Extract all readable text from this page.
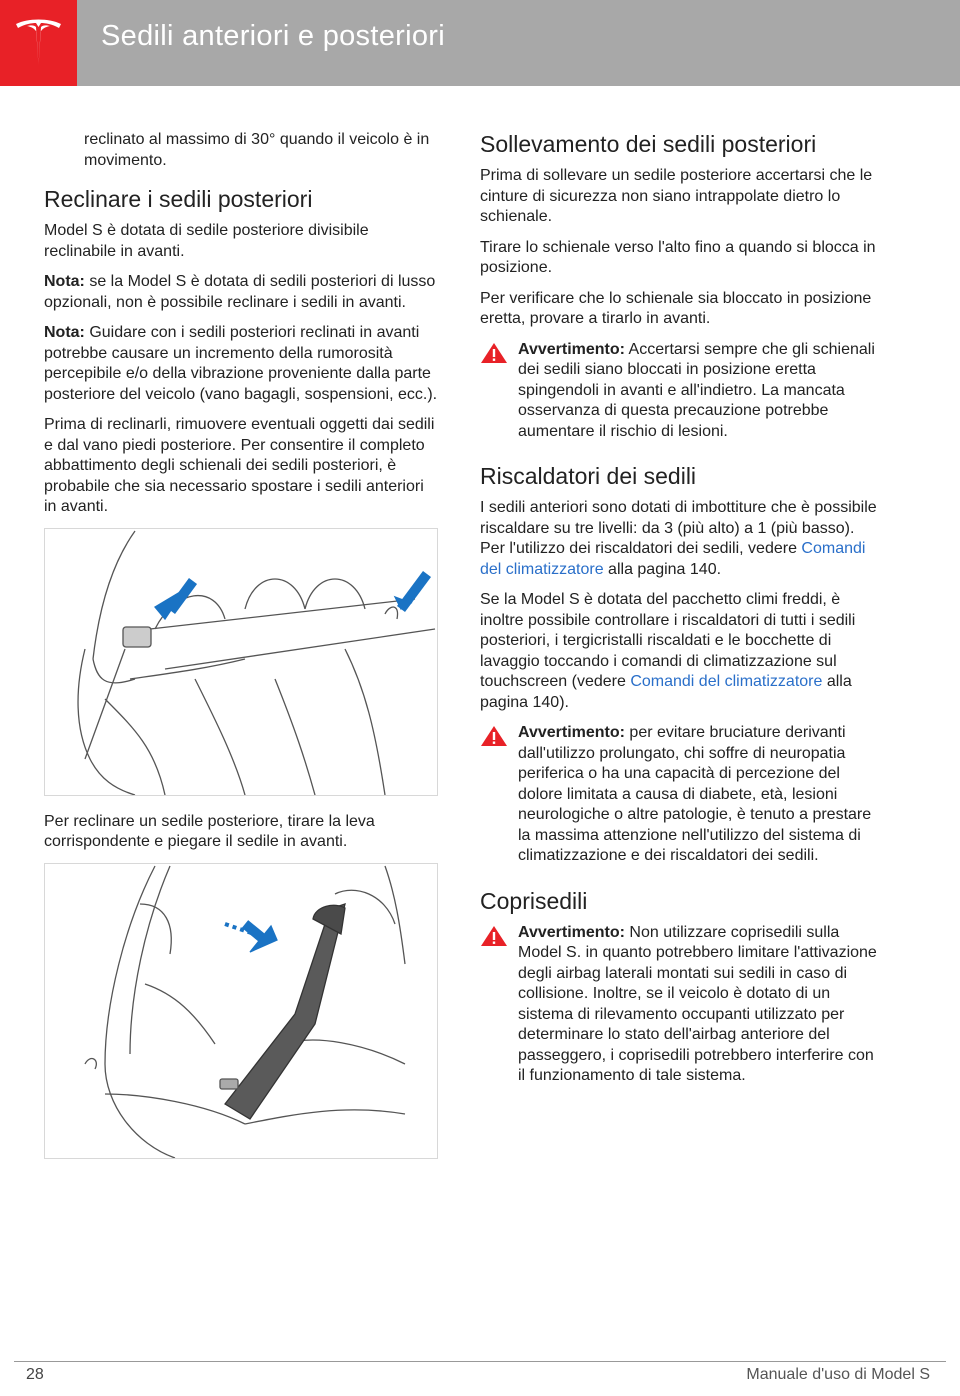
Sedili anteriori e posteriori

reclinato al massimo di 30° quando il veicolo è in movimento.

Reclinare i sedili posteriori

Model S è dotata di sedile posteriore divisibile reclinabile in avanti.

Nota: se la Model S è dotata di sedili posteriori di lusso opzionali, non è possibile reclinare i sedili in avanti.

Nota: Guidare con i sedili posteriori reclinati in avanti potrebbe causare un incremento della rumorosità percepibile e/o della vibrazione proveniente dalla parte posteriore del veicolo (vano bagagli, sospensioni, ecc.).

Prima di reclinarli, rimuovere eventuali oggetti dai sedili e dal vano piedi posteriore. Per consentire il completo abbattimento degli schienali dei sedili posteriori, è probabile che sia necessario spostare i sedili anteriori in avanti.

Per reclinare un sedile posteriore, tirare la leva corrispondente e piegare il sedile in avanti.

Sollevamento dei sedili posteriori

Prima di sollevare un sedile posteriore accertarsi che le cinture di sicurezza non siano intrappolate dietro lo schienale.

Tirare lo schienale verso l'alto fino a quando si blocca in posizione.

Per verificare che lo schienale sia bloccato in posizione eretta, provare a tirarlo in avanti.

Avvertimento: Accertarsi sempre che gli schienali dei sedili siano bloccati in posizione eretta spingendoli in avanti e all'indietro. La mancata osservanza di questa precauzione potrebbe aumentare il rischio di lesioni.
Riscaldatori dei sedili

I sedili anteriori sono dotati di imbottiture che è possibile riscaldare su tre livelli: da 3 (più alto) a 1 (più basso). Per l'utilizzo dei riscaldatori dei sedili, vedere Comandi del climatizzatore alla pagina 140.

Se la Model S è dotata del pacchetto climi freddi, è inoltre possibile controllare i riscaldatori di tutti i sedili posteriori, i tergicristalli riscaldati e le bocchette di lavaggio toccando i comandi di climatizzazione sul touchscreen (vedere Comandi del climatizzatore alla pagina 140).

Avvertimento: per evitare bruciature derivanti dall'utilizzo prolungato, chi soffre di neuropatia periferica o ha una capacità di percezione del dolore limitata a causa di diabete, età, lesioni neurologiche o altre patologie, è tenuto a prestare la massima attenzione nell'utilizzo del sistema di climatizzazione e dei riscaldatori dei sedili.
Coprisedili
Avvertimento: Non utilizzare coprisedili sulla Model S. in quanto potrebbero limitare l'attivazione degli airbag laterali montati sui sedili in caso di collisione. Inoltre, se il veicolo è dotato di un sistema di rilevamento occupanti utilizzato per determinare lo stato dell'airbag anteriore del passeggero, i coprisedili potrebbero interferire con il funzionamento di tale sistema.
28	Manuale d'uso di Model S
